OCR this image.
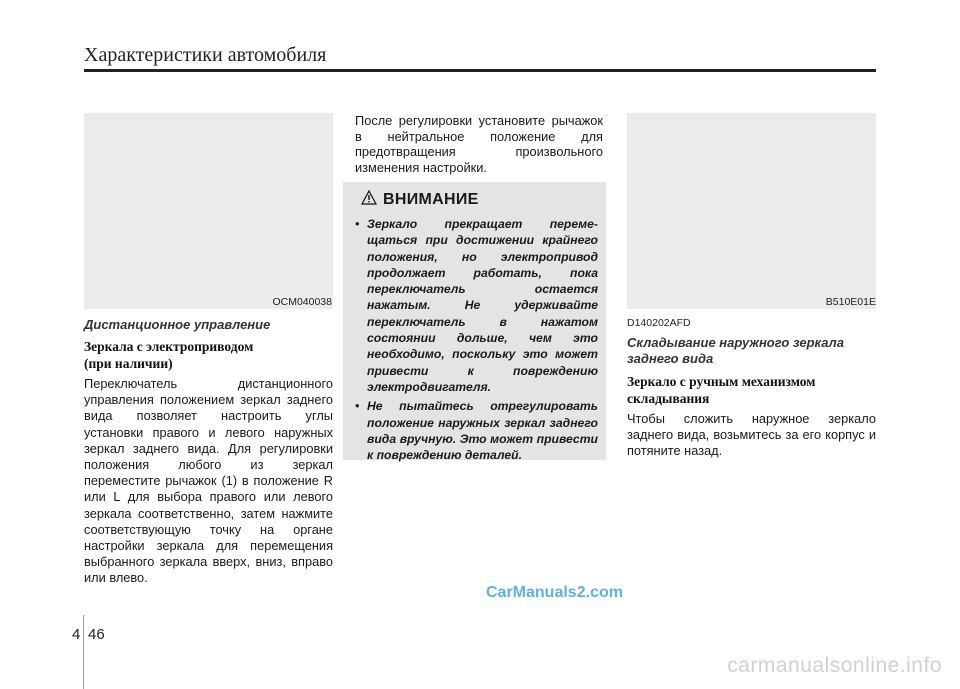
Характеристики автомобиля
OCM040038	B510E01E

Дистанционное управление

Зеркала с электроприводом
(при наличии)

Переключатель дистанционного управления положением зеркал заднего вида позволяет настроить углы установки правого и левого наружных зеркал заднего вида. Для регулировки положения любого из зеркал переместите рычажок (1) в положение R или L для выбора правого или левого зеркала соответственно, затем нажмите соответствующую точку на органе настройки зеркала для перемещения выбранного зеркала вверх, вниз, вправо или влево.

После регулировки установите рычажок в нейтральное положение для предотвращения произвольного изменения настройки.

ВНИМАНИЕ
• Зеркало прекращает переме-щаться при достижении крайнего положения, но электропривод продолжает работать, пока переключатель остается нажатым. Не удерживайте переключатель в нажатом состоянии дольше, чем это необходимо, поскольку это может привести к повреждению электродвигателя.
• Не пытайтесь отрегулировать положение наружных зеркал заднего вида вручную. Это может привести к повреждению деталей.

D140202AFD

Складывание наружного зеркала заднего вида

Зеркало с ручным механизмом
складывания

Чтобы сложить наружное зеркало заднего вида, возьмитесь за его корпус и потяните назад.

CarManuals2.com
4 46
carmanualsonline.info
